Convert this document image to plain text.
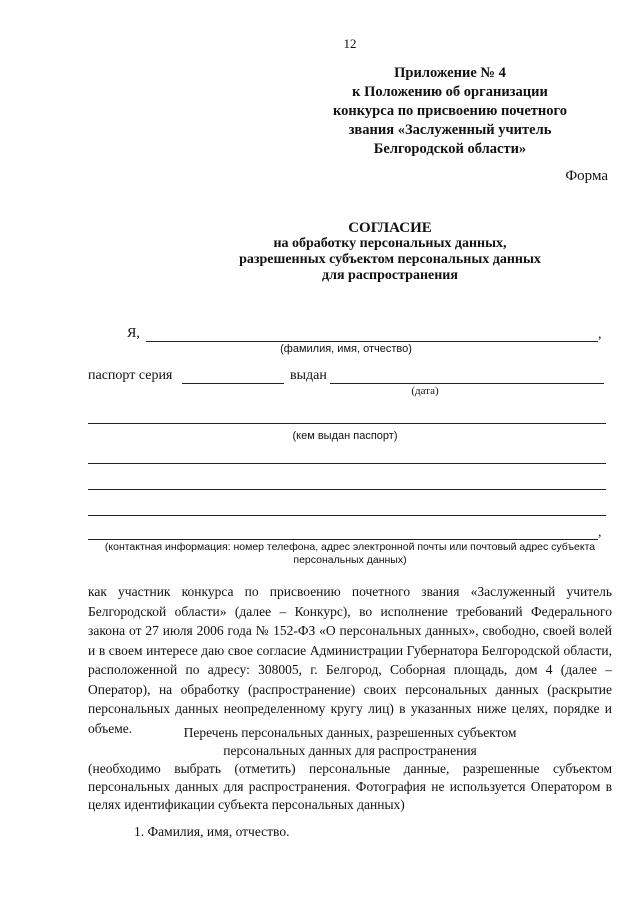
12
Приложение № 4
к Положению об организации
конкурса по присвоению почетного
звания «Заслуженный учитель
Белгородской области»
Форма
СОГЛАСИЕ
на обработку персональных данных,
разрешенных субъектом персональных данных
для распространения
Я,	,
(фамилия, имя, отчество)
паспорт серия	выдан
(дата)
(кем выдан паспорт)
,
(контактная информация: номер телефона, адрес электронной почты или почтовый адрес субъекта
персональных данных)
как участник конкурса по присвоению почетного звания «Заслуженный учитель Белгородской области» (далее – Конкурс), во исполнение требований Федерального закона от 27 июля 2006 года № 152-ФЗ «О персональных данных», свободно, своей волей и в своем интересе даю свое согласие Администрации Губернатора Белгородской области, расположенной по адресу: 308005, г. Белгород, Соборная площадь, дом 4 (далее – Оператор), на обработку (распространение) своих персональных данных (раскрытие персональных данных неопределенному кругу лиц) в указанных ниже целях, порядке и объеме.	Перечень персональных данных, разрешенных субъектом
персональных данных для распространения
(необходимо выбрать (отметить) персональные данные, разрешенные субъектом персональных данных для распространения. Фотография не используется Оператором в целях идентификации субъекта персональных данных)
1. Фамилия, имя, отчество.
